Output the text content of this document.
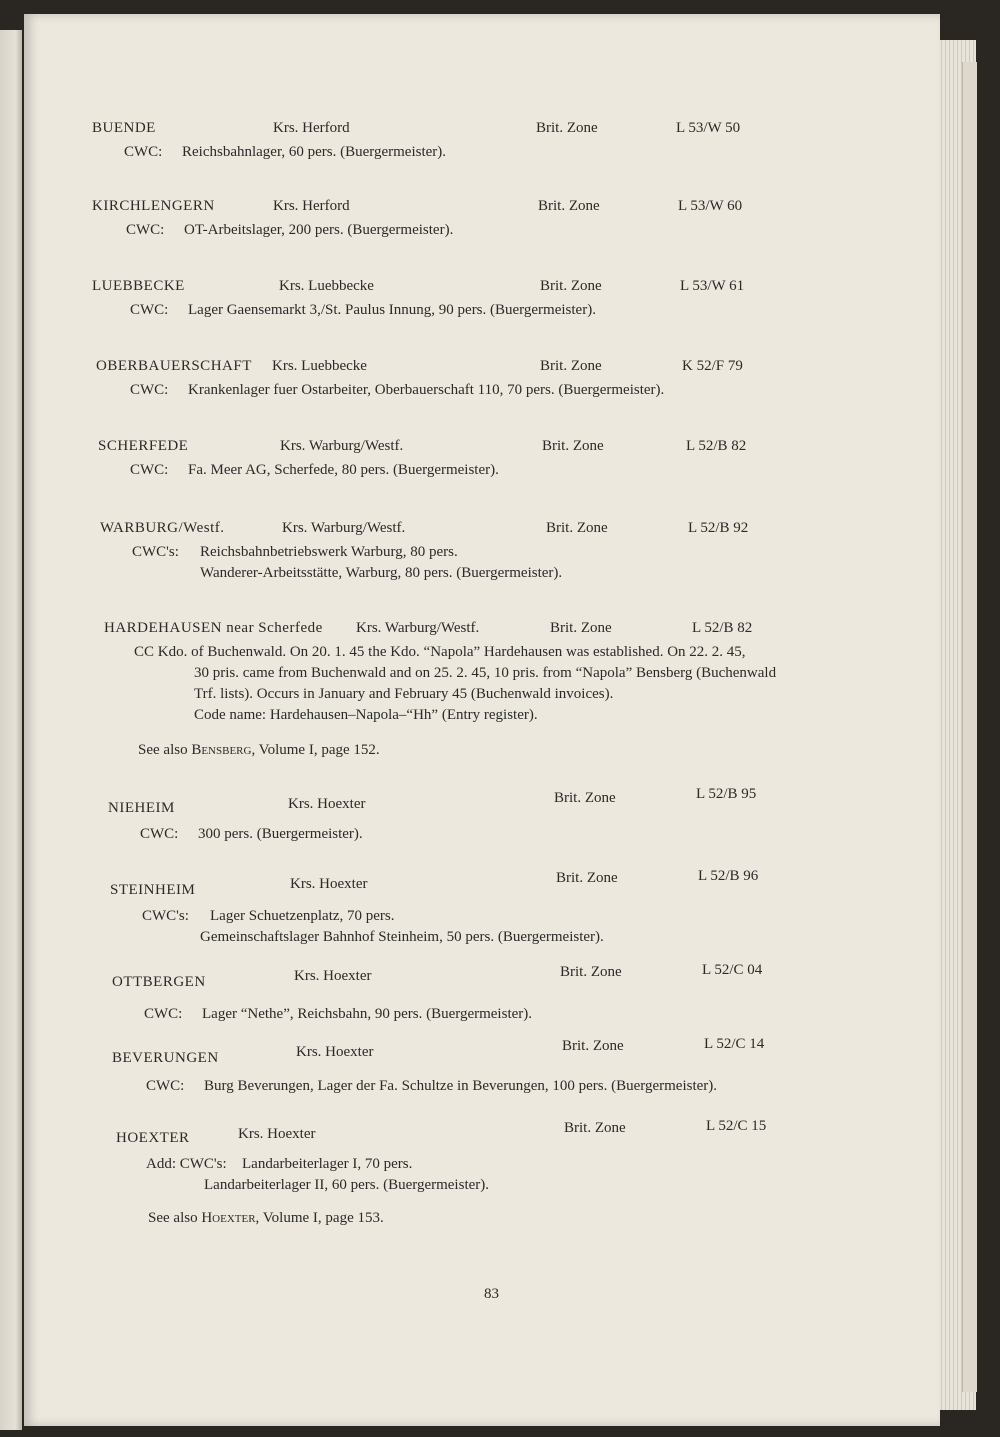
BUENDE	Krs. Herford	Brit. Zone	L 53/W 50
CWC: Reichsbahnlager, 60 pers. (Buergermeister).
KIRCHLENGERN	Krs. Herford	Brit. Zone	L 53/W 60
CWC: OT-Arbeitslager, 200 pers. (Buergermeister).
LUEBBECKE	Krs. Luebbecke	Brit. Zone	L 53/W 61
CWC: Lager Gaensemarkt 3,/St. Paulus Innung, 90 pers. (Buergermeister).
OBERBAUERSCHAFT Krs. Luebbecke	Brit. Zone	K 52/F 79
CWC: Krankenlager fuer Ostarbeiter, Oberbauerschaft 110, 70 pers. (Buergermeister).
SCHERFEDE	Krs. Warburg/Westf.	Brit. Zone	L 52/B 82
CWC: Fa. Meer AG, Scherfede, 80 pers. (Buergermeister).
WARBURG/Westf.	Krs. Warburg/Westf.	Brit. Zone	L 52/B 92
CWC's: Reichsbahnbetriebswerk Warburg, 80 pers.
Wanderer-Arbeitsstätte, Warburg, 80 pers. (Buergermeister).
HARDEHAUSEN near Scherfede Krs. Warburg/Westf.	Brit. Zone	L 52/B 82
CC Kdo. of Buchenwald. On 20. 1. 45 the Kdo. “Napola” Hardehausen was established. On 22. 2. 45,
30 pris. came from Buchenwald and on 25. 2. 45, 10 pris. from “Napola” Bensberg (Buchenwald
Trf. lists). Occurs in January and February 45 (Buchenwald invoices).
Code name: Hardehausen–Napola–“Hh” (Entry register).
See also Bensberg, Volume I, page 152.
NIEHEIM	Krs. Hoexter	Brit. Zone	L 52/B 95
CWC: 300 pers. (Buergermeister).
STEINHEIM	Krs. Hoexter	Brit. Zone	L 52/B 96
CWC's: Lager Schuetzenplatz, 70 pers.
Gemeinschaftslager Bahnhof Steinheim, 50 pers. (Buergermeister).
OTTBERGEN	Krs. Hoexter	Brit. Zone	L 52/C 04
CWC: Lager “Nethe”, Reichsbahn, 90 pers. (Buergermeister).
BEVERUNGEN	Krs. Hoexter	Brit. Zone	L 52/C 14
CWC: Burg Beverungen, Lager der Fa. Schultze in Beverungen, 100 pers. (Buergermeister).
HOEXTER	Krs. Hoexter	Brit. Zone	L 52/C 15
Add: CWC's: Landarbeiterlager I, 70 pers.
Landarbeiterlager II, 60 pers. (Buergermeister).
See also Hoexter, Volume I, page 153.
83
